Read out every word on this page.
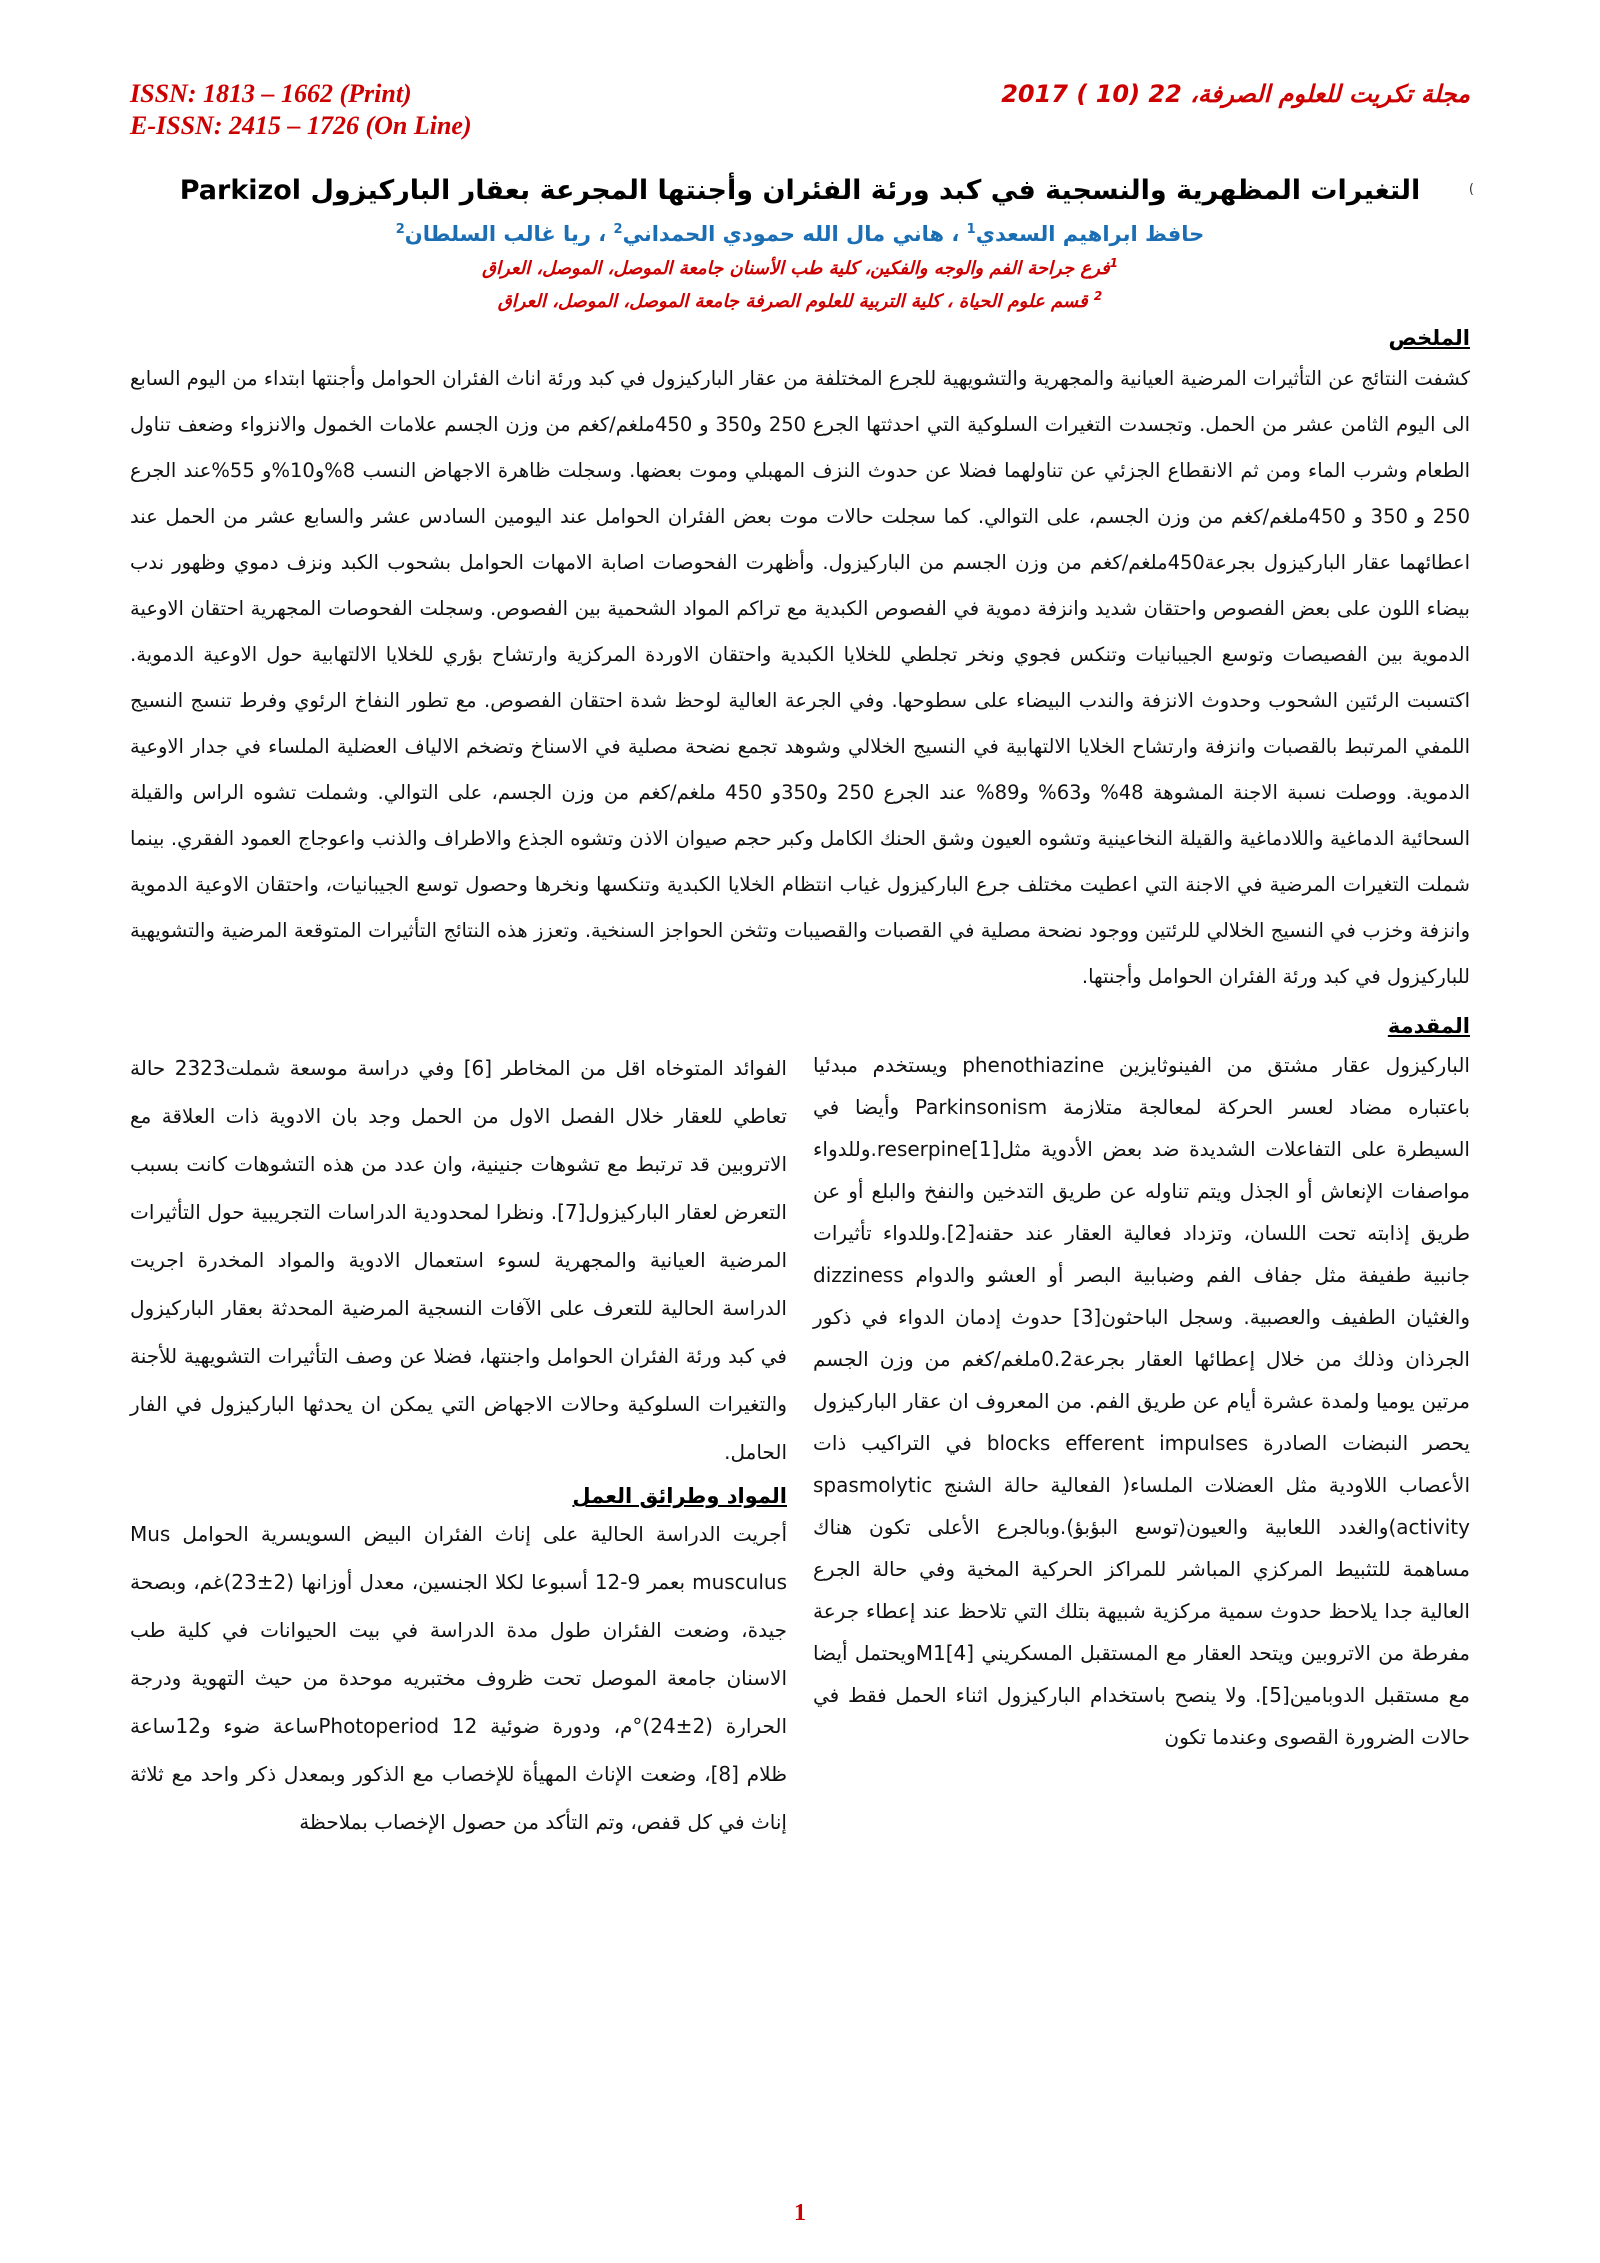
ISSN: 1813 – 1662 (Print)
E-ISSN: 2415 – 1726 (On Line)
مجلة تكريت للعلوم الصرفة، 22 (10 ) 2017
التغيرات المظهرية والنسجية في كبد ورئة الفئران وأجنتها المجرعة بعقار الباركيزول Parkizol
حافظ ابراهيم السعدي$^1$ ، هاني مال الله حمودي الحمداني$^2$ ، ريا غالب السلطان$^2$
$^1$فرع جراحة الفم والوجه والفكين، كلية طب الأسنان جامعة الموصل، الموصل، العراق
$^2$ قسم علوم الحياة ، كلية التربية للعلوم الصرفة جامعة الموصل، الموصل، العراق
الملخص

كشفت النتائج عن التأثيرات المرضية العيانية والمجهرية والتشويهية للجرع المختلفة من عقار الباركيزول في كبد ورئة اناث الفئران الحوامل وأجنتها ابتداء من اليوم السابع الى اليوم الثامن عشر من الحمل. وتجسدت التغيرات السلوكية التي احدثتها الجرع 250 و350 و 450ملغم/كغم من وزن الجسم علامات الخمول والانزواء وضعف تناول الطعام وشرب الماء ومن ثم الانقطاع الجزئي عن تناولهما فضلا عن حدوث النزف المهبلي وموت بعضها. وسجلت ظاهرة الاجهاض النسب 8%و10%و 55%عند الجرع 250 و 350 و 450ملغم/كغم من وزن الجسم، على التوالي. كما سجلت حالات موت بعض الفئران الحوامل عند اليومين السادس عشر والسابع عشر من الحمل عند اعطائهما عقار الباركيزول بجرعة450ملغم/كغم من وزن الجسم من الباركيزول. وأظهرت الفحوصات اصابة الامهات الحوامل بشحوب الكبد ونزف دموي وظهور ندب بيضاء اللون على بعض الفصوص واحتقان شديد وانزفة دموية في الفصوص الكبدية مع تراكم المواد الشحمية بين الفصوص. وسجلت الفحوصات المجهرية احتقان الاوعية الدموية بين الفصيصات وتوسع الجيبانيات وتنكس فجوي ونخر تجلطي للخلايا الكبدية واحتقان الاوردة المركزية وارتشاح بؤري للخلايا الالتهابية حول الاوعية الدموية. اكتسبت الرئتين الشحوب وحدوث الانزفة والندب البيضاء على سطوحها. وفي الجرعة العالية لوحظ شدة احتقان الفصوص. مع تطور النفاخ الرئوي وفرط تنسج النسيج اللمفي المرتبط بالقصبات وانزفة وارتشاح الخلايا الالتهابية في النسيج الخلالي وشوهد تجمع نضحة مصلية في الاسناخ وتضخم الالياف العضلية الملساء في جدار الاوعية الدموية. ووصلت نسبة الاجنة المشوهة 48% و63% و89% عند الجرع 250 و350و 450 ملغم/كغم من وزن الجسم، على التوالي. وشملت تشوه الراس والقيلة السحائية الدماغية واللادماغية والقيلة النخاعينية وتشوه العيون وشق الحنك الكامل وكبر حجم صيوان الاذن وتشوه الجذع والاطراف والذنب واعوجاج العمود الفقري. بينما شملت التغيرات المرضية في الاجنة التي اعطيت مختلف جرع الباركيزول غياب انتظام الخلايا الكبدية وتنكسها ونخرها وحصول توسع الجيبانيات، واحتقان الاوعية الدموية وانزفة وخزب في النسيج الخلالي للرئتين ووجود نضحة مصلية في القصبات والقصيبات وتثخن الحواجز السنخية. وتعزز هذه النتائج التأثيرات المتوقعة المرضية والتشويهية للباركيزول في كبد ورئة الفئران الحوامل وأجنتها.

المقدمة

الباركيزول عقار مشتق من الفينوثايزين phenothiazine ويستخدم مبدئيا باعتباره مضاد لعسر الحركة لمعالجة متلازمة Parkinsonism وأيضا في السيطرة على التفاعلات الشديدة ضد بعض الأدوية مثلreserpine[1].وللدواء مواصفات الإنعاش أو الجذل ويتم تناوله عن طريق التدخين والنفخ والبلع أو عن طريق إذابته تحت اللسان، وتزداد فعالية العقار عند حقنه[2].وللدواء تأثيرات جانبية طفيفة مثل جفاف الفم وضبابية البصر أو العشو والدوام dizziness والغثيان الطفيف والعصبية. وسجل الباحثون[3] حدوث إدمان الدواء في ذكور الجرذان وذلك من خلال إعطائها العقار بجرعة0.2ملغم/كغم من وزن الجسم مرتين يوميا ولمدة عشرة أيام عن طريق الفم. من المعروف ان عقار الباركيزول يحصر النبضات الصادرة blocks efferent impulses في التراكيب ذات الأعصاب اللاودية مثل العضلات الملساء( الفعالية حالة الشنج spasmolytic activity)والغدد اللعابية والعيون(توسع البؤبؤ).وبالجرع الأعلى تكون هناك مساهمة للتثبيط المركزي المباشر للمراكز الحركية المخية وفي حالة الجرع العالية جدا يلاحظ حدوث سمية مركزية شبيهة بتلك التي تلاحظ عند إعطاء جرعة مفرطة من الاتروبين ويتحد العقار مع المستقبل المسكريني M1[4]ويحتمل أيضا مع مستقبل الدوبامين[5]. ولا ينصح باستخدام الباركيزول اثناء الحمل فقط في حالات الضرورة القصوى وعندما تكون

الفوائد المتوخاه اقل من المخاطر [6] وفي دراسة موسعة شملت2323 حالة تعاطي للعقار خلال الفصل الاول من الحمل وجد بان الادوية ذات العلاقة مع الاتروبين قد ترتبط مع تشوهات جنينية، وان عدد من هذه التشوهات كانت بسبب التعرض لعقار الباركيزول[7]. ونظرا لمحدودية الدراسات التجريبية حول التأثيرات المرضية العيانية والمجهرية لسوء استعمال الادوية والمواد المخدرة اجريت الدراسة الحالية للتعرف على الآفات النسجية المرضية المحدثة بعقار الباركيزول في كبد ورئة الفئران الحوامل واجنتها، فضلا عن وصف التأثيرات التشويهية للأجنة والتغيرات السلوكية وحالات الاجهاض التي يمكن ان يحدثها الباركيزول في الفار الحامل.

المواد وطرائق العمل

أجريت الدراسة الحالية على إناث الفئران البيض السويسرية الحوامل Mus musculus بعمر 9-12 أسبوعا لكلا الجنسين، معدل أوزانها (2±23)غم، وبصحة جيدة، وضعت الفئران طول مدة الدراسة في بيت الحيوانات في كلية طب الاسنان جامعة الموصل تحت ظروف مختبريه موحدة من حيث التهوية ودرجة الحرارة (2±24)°م، ودورة ضوئية Photoperiod 12ساعة ضوء و12ساعة ظلام [8]، وضعت الإناث المهيأة للإخصاب مع الذكور وبمعدل ذكر واحد مع ثلاثة إناث في كل قفص، وتم التأكد من حصول الإخصاب بملاحظة

(
1
